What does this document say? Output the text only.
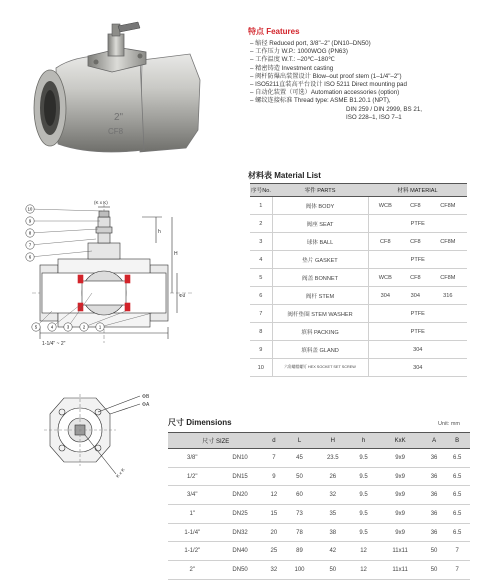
2"
CF8
特点 Features
– 缩径 Reduced port, 3/8"–2" (DN10–DN50)
– 工作压力 W.P.: 1000WOG (PN63)
– 工作温度 W.T.: –20℃–180℃
– 精密铸造 Investment casting
– 阀杆防爆出装置设计 Blow–out proof stem (1–1/4"–2")
– ISO5211直装高平台设计 ISO 5211 Direct mounting pad
– 自动化装置（可选）Automation accessories (option)
– 螺纹连接标准 Thread type: ASME B1.20.1 (NPT),
DIN 259 / DIN 2999, BS 21,
ISO 228–1, ISO 7–1
材料表 Material List
序号No.	零件 PARTS	材料 MATERIAL		
1	阀体 BODY	WCB	CF8	CF8M
2	阀座 SEAT	PTFE		
3	球体 BALL	CF8	CF8	CF8M
4	垫片 GASKET	PTFE		
5	阀盖 BONNET	WCB	CF8	CF8M
6	阀杆 STEM	304	304	316
7	阀杆垫圈 STEM WASHER	PTFE		
8	填料 PACKING	PTFE		
9	填料盖 GLAND	304		
10	六角螺帽螺钉 HEX SOCKET SET SCREW	304		
10
9
8
7
6
5	4	3	2	1
(K x K)
h
H
Φd
1-1/4" ~ 2"
ΦB
ΦA
K x K
尺寸 Dimensions	Unit: mm
尺寸 SIZE		d	L	H	h	KxK	A	B
3/8"	DN10	7	45	23.5	9.5	9x9	36	6.5
1/2"	DN15	9	50	26	9.5	9x9	36	6.5
3/4"	DN20	12	60	32	9.5	9x9	36	6.5
1"	DN25	15	73	35	9.5	9x9	36	6.5
1-1/4"	DN32	20	78	38	9.5	9x9	36	6.5
1-1/2"	DN40	25	89	42	12	11x11	50	7
2"	DN50	32	100	50	12	11x11	50	7
